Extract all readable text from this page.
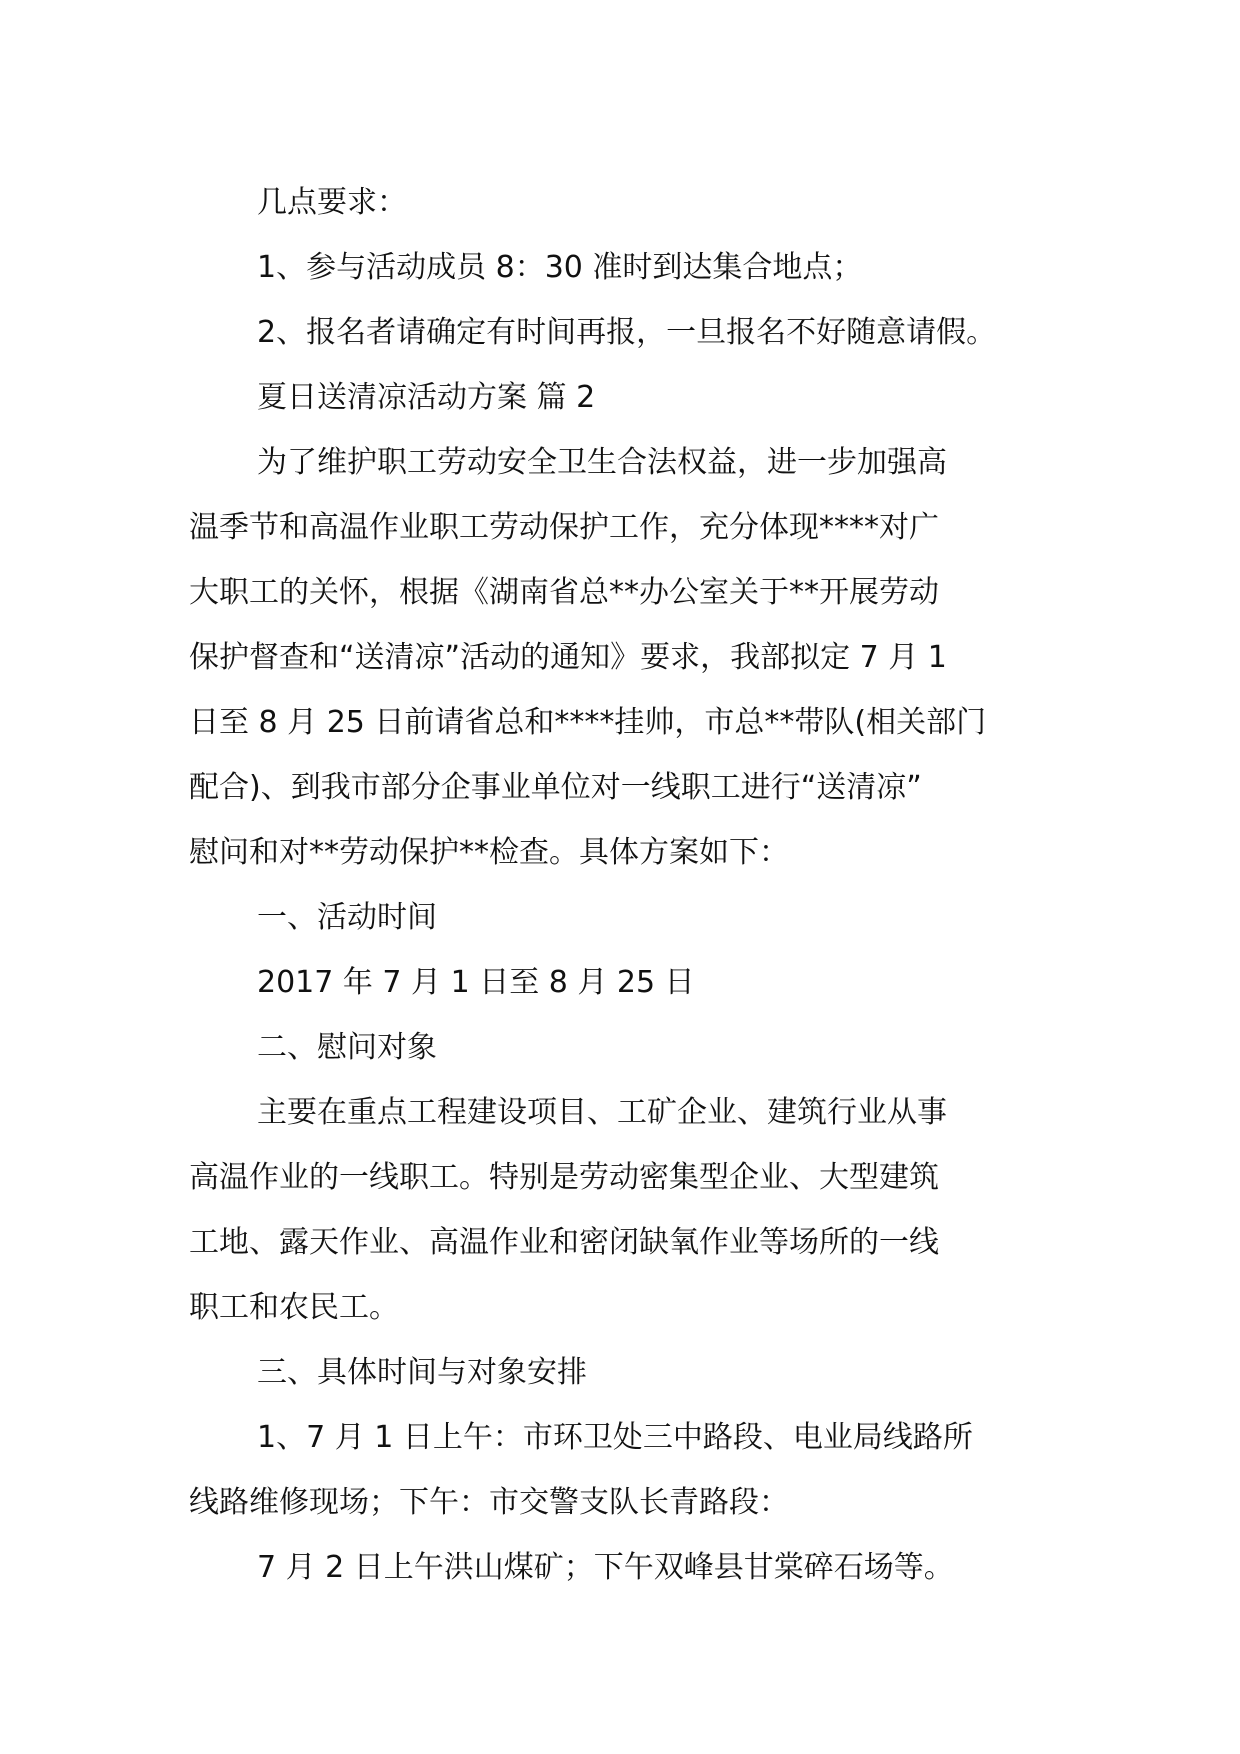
几点要求：

1、参与活动成员 8：30 准时到达集合地点；

2、报名者请确定有时间再报，一旦报名不好随意请假。

夏日送清凉活动方案 篇 2

为了维护职工劳动安全卫生合法权益，进一步加强高

温季节和高温作业职工劳动保护工作，充分体现****对广

大职工的关怀，根据《湖南省总**办公室关于**开展劳动

保护督查和“送清凉”活动的通知》要求，我部拟定 7 月 1

日至 8 月 25 日前请省总和****挂帅，市总**带队(相关部门

配合)、到我市部分企事业单位对一线职工进行“送清凉”

慰问和对**劳动保护**检查。具体方案如下：

一、活动时间

2017 年 7 月 1 日至 8 月 25 日

二、慰问对象

主要在重点工程建设项目、工矿企业、建筑行业从事

高温作业的一线职工。特别是劳动密集型企业、大型建筑

工地、露天作业、高温作业和密闭缺氧作业等场所的一线

职工和农民工。

三、具体时间与对象安排

1、7 月 1 日上午：市环卫处三中路段、电业局线路所

线路维修现场；下午：市交警支队长青路段：

7 月 2 日上午洪山煤矿；下午双峰县甘棠碎石场等。
